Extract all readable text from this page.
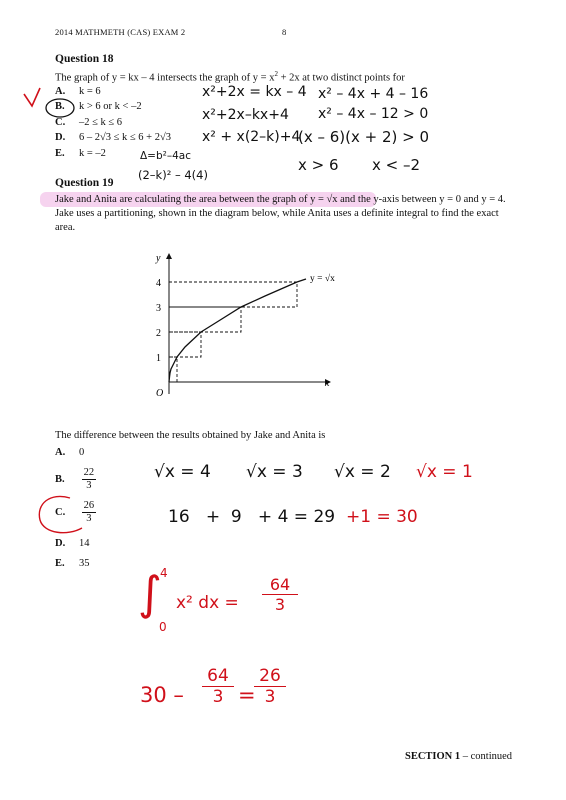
2014 MATHMETH (CAS) EXAM 2	8
Question 18
The graph of y = kx – 4 intersects the graph of $y = x^2 + 2x$ at two distinct points for
A. k = 6
B. k > 6 or k < –2
C. –2 ≤ k ≤ 6
D. 6 – 2√3 ≤ k ≤ 6 + 2√3
E. k = –2
x²+2x = kx – 4
x²+2x–kx+4
x² + x(2–k)+4
Δ=b²–4ac
(2–k)² – 4(4)
x² – 4x + 4 – 16
x² – 4x – 12 > 0
(x – 6)(x + 2) > 0
x > 6 x < –2
Question 19
Jake and Anita are calculating the area between the graph of y = √x and the y-axis between y = 0 and y = 4.
Jake uses a partitioning, shown in the diagram below, while Anita uses a definite integral to find the exact
area.
y
x
O
4
3
2
1
y = √x
The difference between the results obtained by Jake and Anita is
A. 0
B. $\frac{22}{3}$
C. $\frac{26}{3}$
D. 14
E. 35
√x = 4 √x = 3 √x = 2 √x = 1
16   +  9   + 4 = 29 +1 = 30
∫
4
0
x² dx = $\frac{64}{3}$
$30 - \frac{64}{3}$ =
$\frac{26}{3}$
SECTION 1 – continued
